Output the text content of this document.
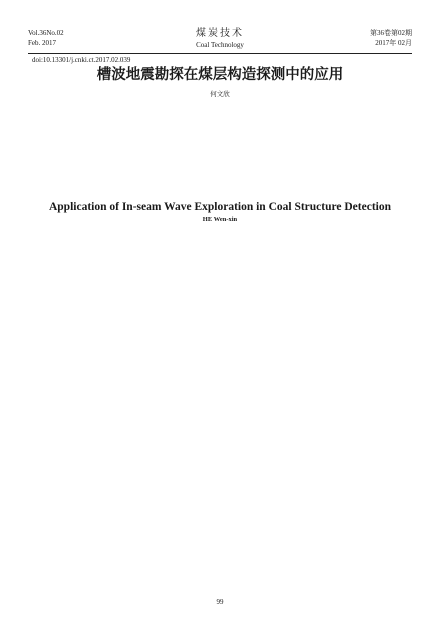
Vol.36No.02
Feb. 2017
煤炭技术
Coal Technology
第36卷第02期
2017年 02月
doi:10.13301/j.cnki.ct.2017.02.039
槽波地震勘探在煤层构造探测中的应用
何文欣
Application of In-seam Wave Exploration in Coal Structure Detection
HE Wen-xin
99
